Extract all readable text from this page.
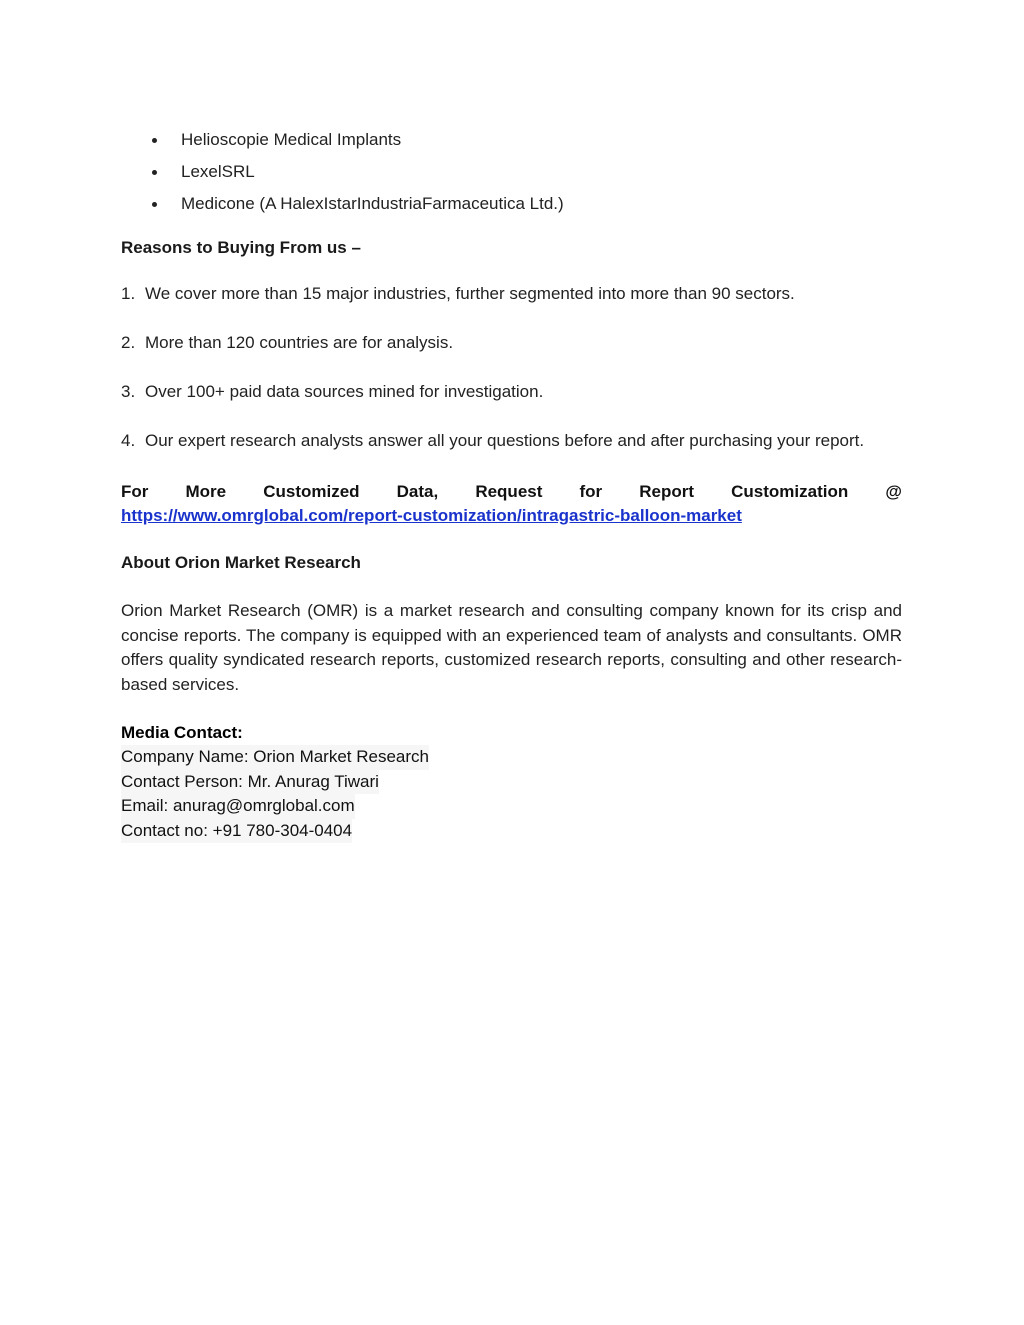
Helioscopie Medical Implants
LexelSRL
Medicone (A HalexIstarIndustriaFarmaceutica Ltd.)
Reasons to Buying From us –
1. We cover more than 15 major industries, further segmented into more than 90 sectors.
2. More than 120 countries are for analysis.
3. Over 100+ paid data sources mined for investigation.
4. Our expert research analysts answer all your questions before and after purchasing your report.
For More Customized Data, Request for Report Customization @
https://www.omrglobal.com/report-customization/intragastric-balloon-market
About Orion Market Research
Orion Market Research (OMR) is a market research and consulting company known for its crisp and concise reports. The company is equipped with an experienced team of analysts and consultants. OMR offers quality syndicated research reports, customized research reports, consulting and other research-based services.
Media Contact:
Company Name: Orion Market Research
Contact Person: Mr. Anurag Tiwari
Email: anurag@omrglobal.com
Contact no: +91 780-304-0404
